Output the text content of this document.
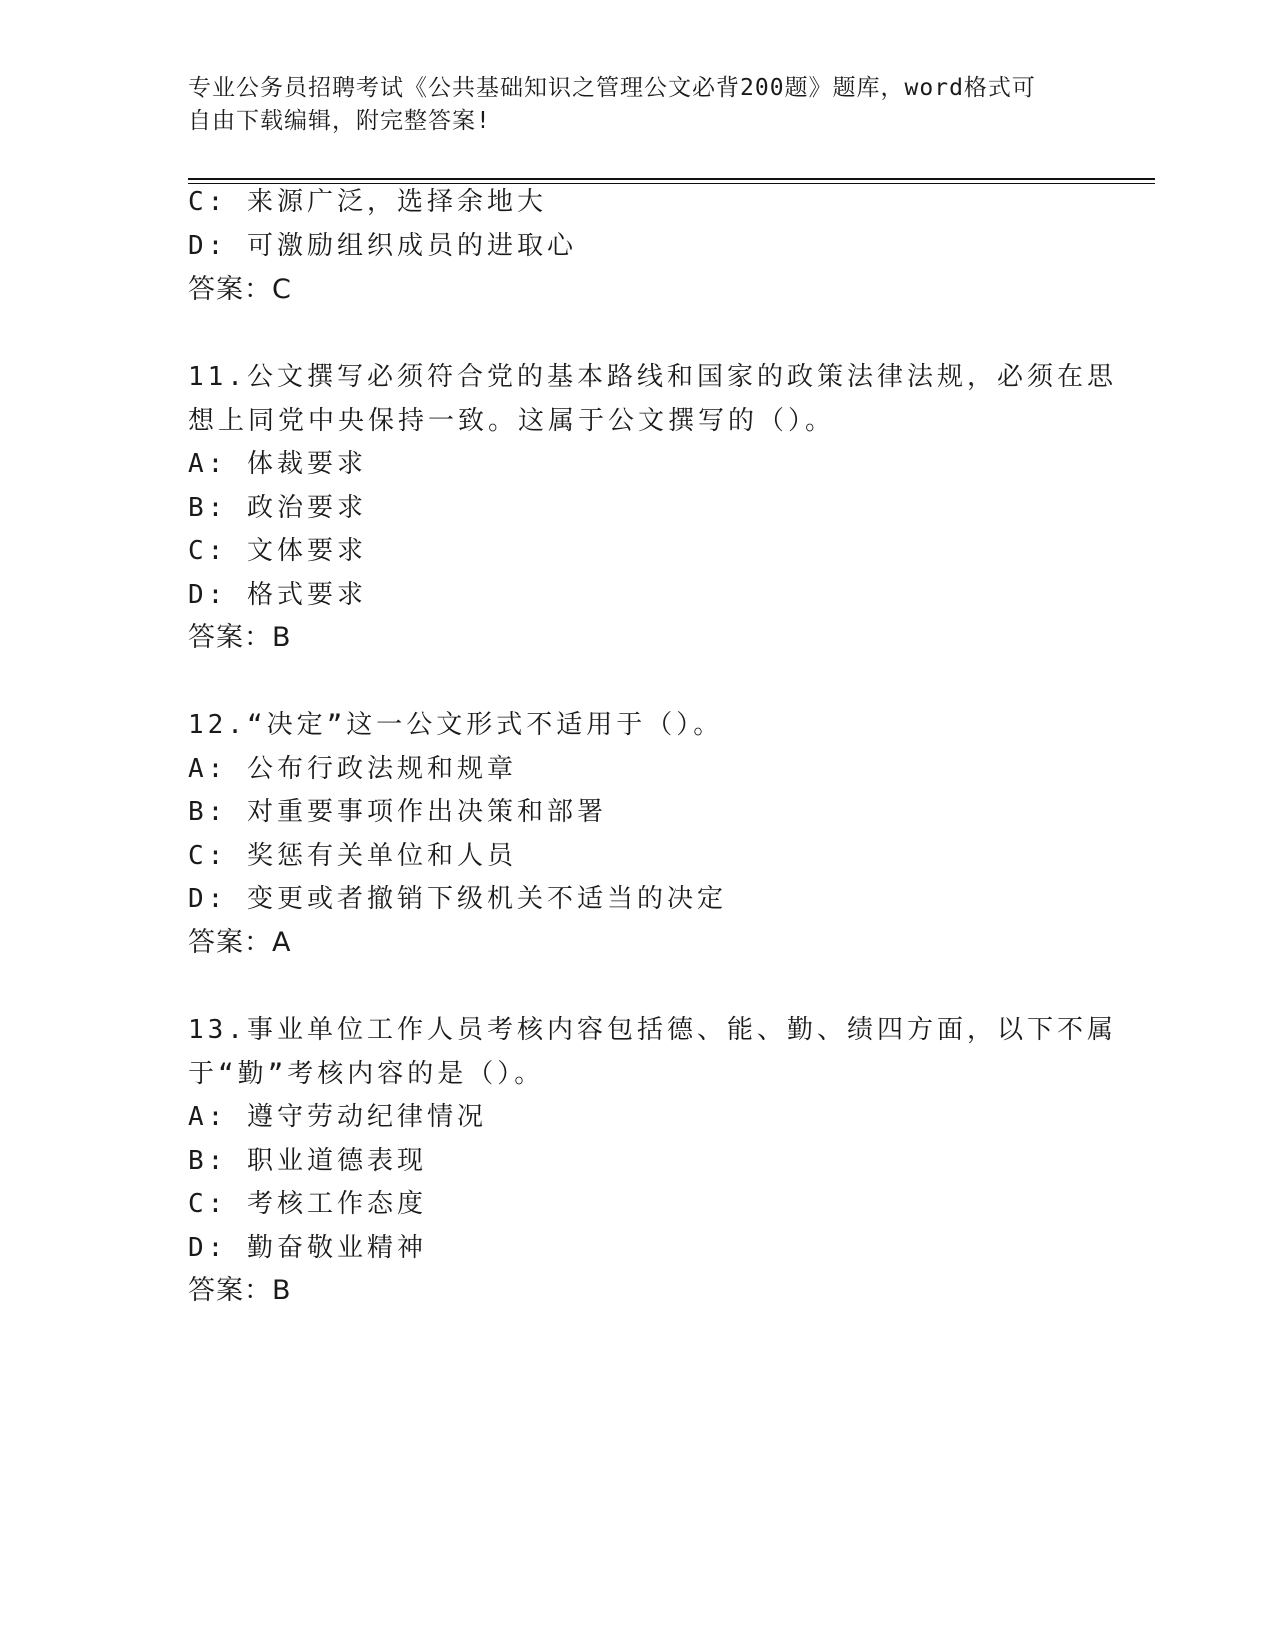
专业公务员招聘考试《公共基础知识之管理公文必背200题》题库，word格式可
自由下载编辑，附完整答案!
C: 来源广泛，选择余地大
D: 可激励组织成员的进取心
答案：C
11.公文撰写必须符合党的基本路线和国家的政策法律法规，必须在思
想上同党中央保持一致。这属于公文撰写的（）。
A: 体裁要求
B: 政治要求
C: 文体要求
D: 格式要求
答案：B
12.“决定”这一公文形式不适用于（）。
A: 公布行政法规和规章
B: 对重要事项作出决策和部署
C: 奖惩有关单位和人员
D: 变更或者撤销下级机关不适当的决定
答案：A
13.事业单位工作人员考核内容包括德、能、勤、绩四方面，以下不属
于“勤”考核内容的是（）。
A: 遵守劳动纪律情况
B: 职业道德表现
C: 考核工作态度
D: 勤奋敬业精神
答案：B
